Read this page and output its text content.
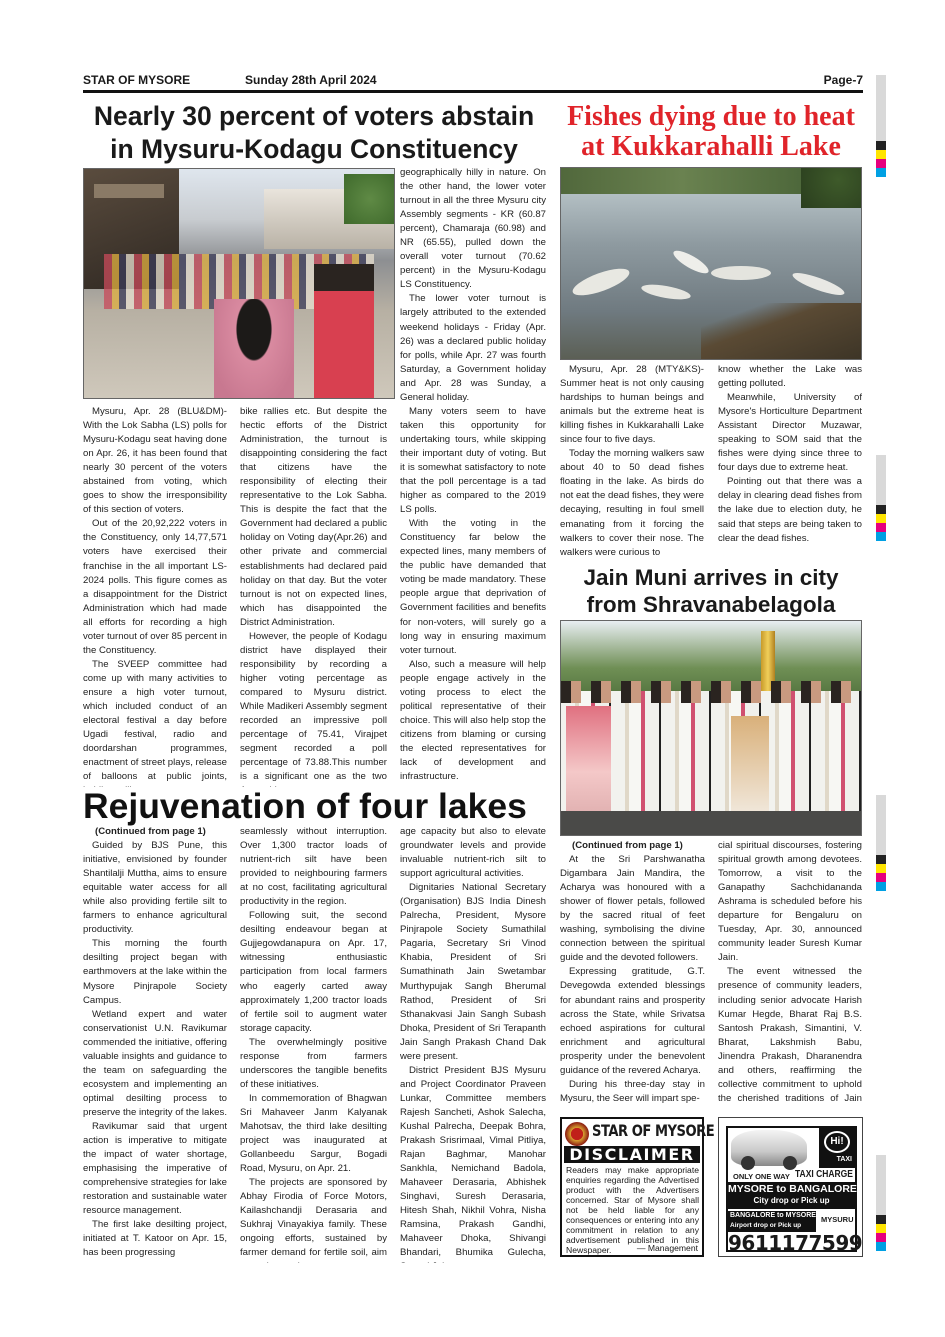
STAR OF MYSORE	Sunday 28th April 2024	Page-7
Nearly 30 percent of voters abstain
in Mysuru-Kodagu Constituency

Mysuru, Apr. 28 (BLU&DM)- With the Lok Sabha (LS) polls for Mysuru-Kodagu seat having done on Apr. 26, it has been found that nearly 30 percent of the voters abstained from voting, which goes to show the irresponsibility of this section of voters.

Out of the 20,92,222 voters in the Constituency, only 14,77,571 voters have exercised their franchise in the all important LS-2024 polls. This figure comes as a disappointment for the District Administration which had made all efforts for recording a high voter turnout of over 85 percent in the Constituency.

The SVEEP committee had come up with many activities to ensure a high voter turnout, which included conduct of an electoral festival a day before Ugadi festival, radio and doordarshan programmes, enactment of street plays, release of balloons at public joints,

bike rallies etc. But despite the hectic efforts of the District Administration, the turnout is disappointing considering the fact that citizens have the responsibility of electing their representative to the Lok Sabha. This is despite the fact that the Government had declared a public holiday on Voting day(Apr.26) and other private and commercial establishments had declared paid holiday on that day. But the voter turnout is not on expected lines, which has disappointed the District Administration.

However, the people of Kodagu district have displayed their responsibility by recording a higher voting percentage as compared to Mysuru district. While Madikeri Assembly segment recorded an impressive poll percentage of 75.41, Virajpet segment recorded a poll percentage of 73.88.This number is a significant one as the two

geographically hilly in nature. On the other hand, the lower voter turnout in all the three Mysuru city Assembly segments - KR (60.87 percent), Chamaraja (60.98) and NR (65.55), pulled down the overall voter turnout (70.62 percent) in the Mysuru-Kodagu LS Constituency.

The lower voter turnout is largely attributed to the extended weekend holidays - Friday (Apr. 26) was a declared public holiday for polls, while Apr. 27 was fourth Saturday, a Government holiday and Apr. 28 was Sunday, a General holiday.

Many voters seem to have taken this opportunity for undertaking tours, while skipping their important duty of voting. But it is somewhat satisfactory to note that the poll percentage is a tad higher as compared to the 2019 LS polls.

With the voting in the Constituency far below the expected lines, many members of the public have demanded that voting be made mandatory. These people argue that deprivation of Government facilities and benefits for non-voters, will surely go a long way in ensuring maximum voter turnout.

Also, such a measure will help people engage actively in the voting process to elect the political representative of their choice. This will also help stop the citizens from blaming or cursing the elected representatives for lack of development and infrastructure.

Fishes dying due to heat
at Kukkarahalli Lake

Mysuru, Apr. 28 (MTY&KS)- Summer heat is not only causing hardships to human beings and animals but the extreme heat is killing fishes in Kukkarahalli Lake since four to five days.

Today the morning walkers saw about 40 to 50 dead fishes floating in the lake. As birds do not eat the dead fishes, they were decaying, resulting in foul smell emanating from it forcing the walkers to cover their nose. The walkers were curious to

know whether the Lake was getting polluted.

Meanwhile, University of Mysore's Horticulture Department Assistant Director Muzawar, speaking to SOM said that the fishes were dying since three to four days due to extreme heat.

Pointing out that there was a delay in clearing dead fishes from the lake due to election duty, he said that steps are being taken to clear the dead fishes.

Jain Muni arrives in city
from Shravanabelagola

(Continued from page 1)

At the Sri Parshwanatha Digambara Jain Mandira, the Acharya was honoured with a shower of flower petals, followed by the sacred ritual of feet washing, symbolising the divine connection between the spiritual guide and the devoted followers.

Expressing gratitude, G.T. Devegowda extended blessings for abundant rains and prosperity across the State, while Srivatsa echoed aspirations for cultural enrichment and agricultural prosperity under the benevolent guidance of the revered Acharya.

During his three-day stay in Mysuru, the Seer will impart spe-

cial spiritual discourses, fostering spiritual growth among devotees. Tomorrow, a visit to the Ganapathy Sachchidananda Ashrama is scheduled before his departure for Bengaluru on Tuesday, Apr. 30, announced community leader Suresh Kumar Jain.

The event witnessed the presence of community leaders, including senior advocate Harish Kumar Hegde, Bharat Raj B.S. Santosh Prakash, Simantini, V. Bharat, Lakshmish Babu, Jinendra Prakash, Dharanendra and others, reaffirming the collective commitment to uphold the cherished traditions of Jain

Rejuvenation of four lakes

(Continued from page 1)

Guided by BJS Pune, this initiative, envisioned by founder Shantilalji Muttha, aims to ensure equitable water access for all while also providing fertile silt to farmers to enhance agricultural productivity.

This morning the fourth desilting project began with earthmovers at the lake within the Mysore Pinjrapole Society Campus.

Wetland expert and water conservationist U.N. Ravikumar commended the initiative, offering valuable insights and guidance to the team on safeguarding the ecosystem and implementing an optimal desilting process to preserve the integrity of the lakes.

Ravikumar said that urgent action is imperative to mitigate the impact of water shortage, emphasising the imperative of comprehensive strategies for lake restoration and sustainable water resource management.

The first lake desilting project, initiated at T. Katoor on Apr. 15, has been progressing

seamlessly without interruption. Over 1,300 tractor loads of nutrient-rich silt have been provided to neighbouring farmers at no cost, facilitating agricultural productivity in the region.

Following suit, the second desilting endeavour began at Gujjegowdanapura on Apr. 17, witnessing enthusiastic participation from local farmers who eagerly carted away approximately 1,200 tractor loads of fertile soil to augment water storage capacity.

The overwhelmingly positive response from farmers underscores the tangible benefits of these initiatives.

In commemoration of Bhagwan Sri Mahaveer Janm Kalyanak Mahotsav, the third lake desilting project was inaugurated at Gollanbeedu Sargur, Bogadi Road, Mysuru, on Apr. 21.

The projects are sponsored by Abhay Firodia of Force Motors, Kailashchandji Derasaria and Sukhraj Vinayakiya family. These ongoing efforts, sustained by farmer demand for fertile soil, aim

age capacity but also to elevate groundwater levels and provide invaluable nutrient-rich silt to support agricultural activities.

Dignitaries National Secretary (Organisation) BJS India Dinesh Palrecha, President, Mysore Pinjrapole Society Sumathilal Pagaria, Secretary Sri Vinod Khabia, President of Sri Sumathinath Jain Swetambar Murthypujak Sangh Bherumal Rathod, President of Sri Sthanakvasi Jain Sangh Subash Dhoka, President of Sri Terapanth Jain Sangh Prakash Chand Dak were present.

District President BJS Mysuru and Project Coordinator Praveen Lunkar, Committee members Rajesh Sancheti, Ashok Salecha, Kushal Palrecha, Deepak Bohra, Prakash Srisrimaal, Vimal Pitliya, Rajan Baghmar, Manohar Sankhla, Nemichand Badola, Mahaveer Derasaria, Abhishek Singhavi, Suresh Derasaria, Hitesh Shah, Nikhil Vohra, Nisha Ramsina, Prakash Gandhi, Mahaveer Dhoka, Shivangi Bhandari, Bhumika Gulecha,

STAR OF MYSORE
DISCLAIMER
Readers may make appropriate enquiries regarding the Advertised product with the Advertisers concerned. Star of Mysore shall not be held liable for any consequences or entering into any commitment in relation to any advertisement published in this Newspaper.	— Management
Hi!
TAXI
ONLY ONE WAY TAXI CHARGE
MYSORE to BANGALORE
City drop or Pick up
BANGALORE to MYSORE
Airport drop or Pick up
MYSURU
9611177599
